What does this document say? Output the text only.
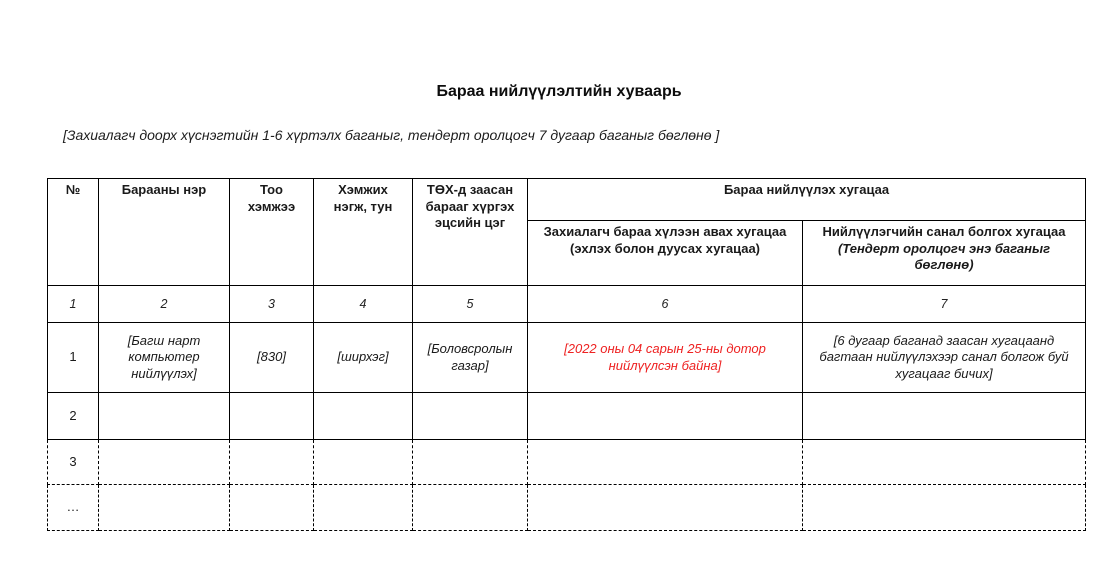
Бараа нийлүүлэлтийн хуваарь

[Захиалагч доорх хүснэгтийн 1-6 хүртэлх баганыг, тендерт оролцогч 7 дугаар баганыг бөглөнө ]

№	Барааны нэр	Тоо хэмжээ	Хэмжих нэгж, тун	ТӨХ-д заасан барааг хүргэх эцсийн цэг	Бараа нийлүүлэх хугацаа	
					Захиалагч бараа хүлээн авах хугацаа (эхлэх болон дуусах хугацаа)	Нийлүүлэгчийн санал болгох хугацаа
(Тендерт оролцогч энэ баганыг бөглөнө)

1	2	3	4	5	6	7
1	[Багш нарт компьютер нийлүүлэх]	[830]	[ширхэг]	[Боловсролын газар]	[2022 оны 04 сарын 25-ны дотор нийлүүлсэн байна]	[6 дугаар баганад заасан хугацаанд багтаан нийлүүлэхээр санал болгож буй хугацааг бичих]
2						
3						
…						
